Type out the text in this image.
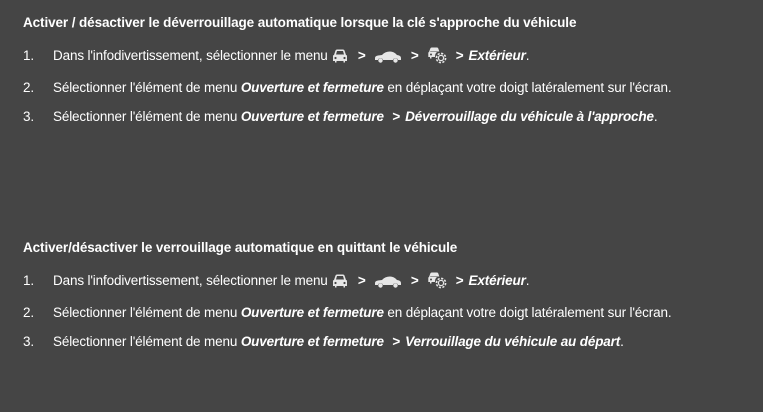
Activer / désactiver le déverrouillage automatique lorsque la clé s'approche du véhicule
1. Dans l'infodivertissement, sélectionner le menu >	>	> Extérieur.
2. Sélectionner l'élément de menu Ouverture et fermeture en déplaçant votre doigt latéralement sur l'écran.
3. Sélectionner l'élément de menu Ouverture et fermeture > Déverrouillage du véhicule à l'approche.
Activer/désactiver le verrouillage automatique en quittant le véhicule
1. Dans l'infodivertissement, sélectionner le menu >	>	> Extérieur.
2. Sélectionner l'élément de menu Ouverture et fermeture en déplaçant votre doigt latéralement sur l'écran.
3. Sélectionner l'élément de menu Ouverture et fermeture > Verrouillage du véhicule au départ.
